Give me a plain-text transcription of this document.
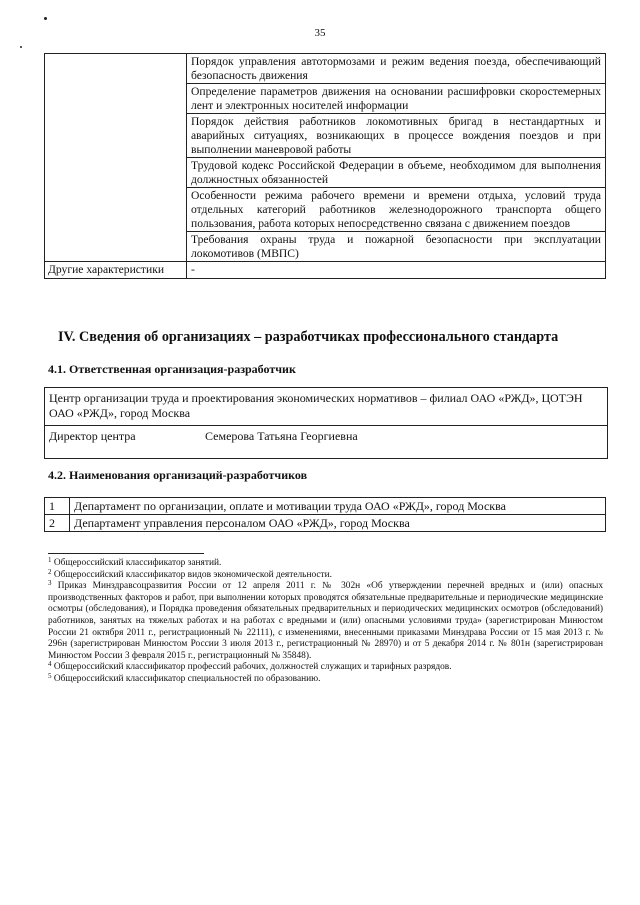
35
	Порядок управления автотормозами и режим ведения поезда, обеспечивающий безопасность движения
	Определение параметров движения на основании расшифровки скоростемерных лент и электронных носителей информации
	Порядок действия работников локомотивных бригад в нестандартных и аварийных ситуациях, возникающих в процессе вождения поездов и при выполнении маневровой работы
	Трудовой кодекс Российской Федерации в объеме, необходимом для выполнения должностных обязанностей
	Особенности режима рабочего времени и времени отдыха, условий труда отдельных категорий работников железнодорожного транспорта общего пользования, работа которых непосредственно связана с движением поездов
	Требования охраны труда и пожарной безопасности при эксплуатации локомотивов (МВПС)
Другие характеристики	-
IV. Сведения об организациях – разработчиках профессионального стандарта
4.1. Ответственная организация-разработчик
Центр организации труда и проектирования экономических нормативов – филиал ОАО «РЖД», ЦОТЭН ОАО «РЖД», город Москва
Директор центра	Семерова Татьяна Георгиевна
4.2. Наименования организаций-разработчиков
1	Департамент по организации, оплате и мотивации труда ОАО «РЖД», город Москва
2	Департамент управления персоналом ОАО «РЖД», город Москва

$^1$ Общероссийский классификатор занятий.

$^2$ Общероссийский классификатор видов экономической деятельности.

$^3$ Приказ Минздравсоцразвития России от 12 апреля 2011 г. № 302н «Об утверждении перечней вредных и (или) опасных производственных факторов и работ, при выполнении которых проводятся обязательные предварительные и периодические медицинские осмотры (обследования), и Порядка проведения обязательных предварительных и периодических медицинских осмотров (обследований) работников, занятых на тяжелых работах и на работах с вредными и (или) опасными условиями труда» (зарегистрирован Минюстом России 21 октября 2011 г., регистрационный № 22111), с изменениями, внесенными приказами Минздрава России от 15 мая 2013 г. № 296н (зарегистрирован Минюстом России 3 июля 2013 г., регистрационный № 28970) и от 5 декабря 2014 г. № 801н (зарегистрирован Минюстом России 3 февраля 2015 г., регистрационный № 35848).

$^4$ Общероссийский классификатор профессий рабочих, должностей служащих и тарифных разрядов.

$^5$ Общероссийский классификатор специальностей по образованию.
